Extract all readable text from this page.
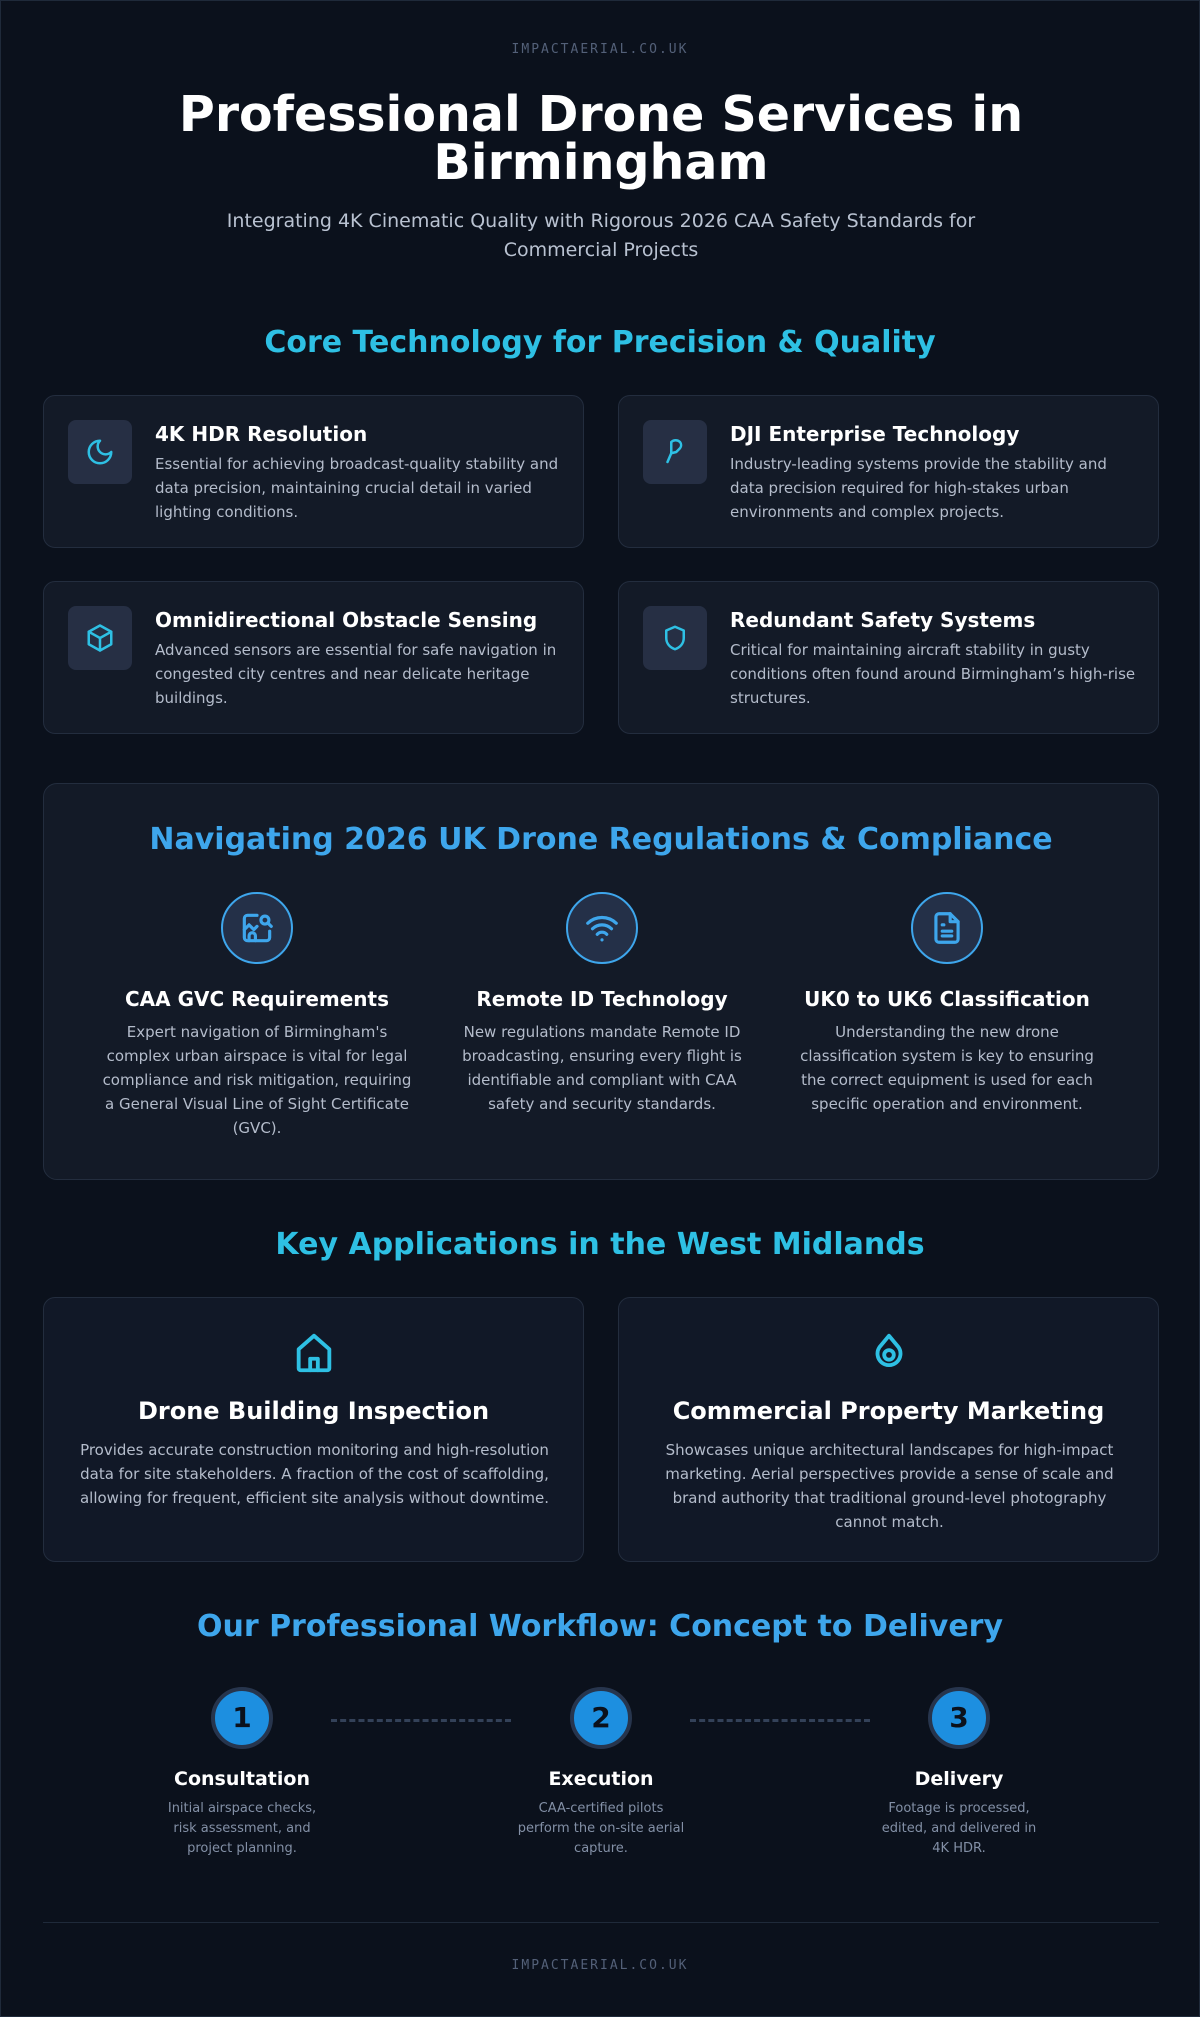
IMPACTAERIAL.CO.UK
Professional Drone Services in Birmingham
Integrating 4K Cinematic Quality with Rigorous 2026 CAA Safety Standards for Commercial Projects
Core Technology for Precision & Quality
4K HDR Resolution
Essential for achieving broadcast-quality stability and data precision, maintaining crucial detail in varied lighting conditions.
DJI Enterprise Technology
Industry-leading systems provide the stability and data precision required for high-stakes urban environments and complex projects.
Omnidirectional Obstacle Sensing
Advanced sensors are essential for safe navigation in congested city centres and near delicate heritage buildings.
Redundant Safety Systems
Critical for maintaining aircraft stability in gusty conditions often found around Birmingham’s high-rise structures.
Navigating 2026 UK Drone Regulations & Compliance
CAA GVC Requirements
Expert navigation of Birmingham's complex urban airspace is vital for legal compliance and risk mitigation, requiring a General Visual Line of Sight Certificate (GVC).
Remote ID Technology
New regulations mandate Remote ID broadcasting, ensuring every flight is identifiable and compliant with CAA safety and security standards.
UK0 to UK6 Classification
Understanding the new drone classification system is key to ensuring the correct equipment is used for each specific operation and environment.
Key Applications in the West Midlands
Drone Building Inspection
Provides accurate construction monitoring and high-resolution data for site stakeholders. A fraction of the cost of scaffolding, allowing for frequent, efficient site analysis without downtime.
Commercial Property Marketing
Showcases unique architectural landscapes for high-impact marketing. Aerial perspectives provide a sense of scale and brand authority that traditional ground-level photography cannot match.
Our Professional Workflow: Concept to Delivery
1
Consultation
Initial airspace checks, risk assessment, and project planning.
2
Execution
CAA-certified pilots perform the on-site aerial capture.
3
Delivery
Footage is processed, edited, and delivered in 4K HDR.
IMPACTAERIAL.CO.UK
